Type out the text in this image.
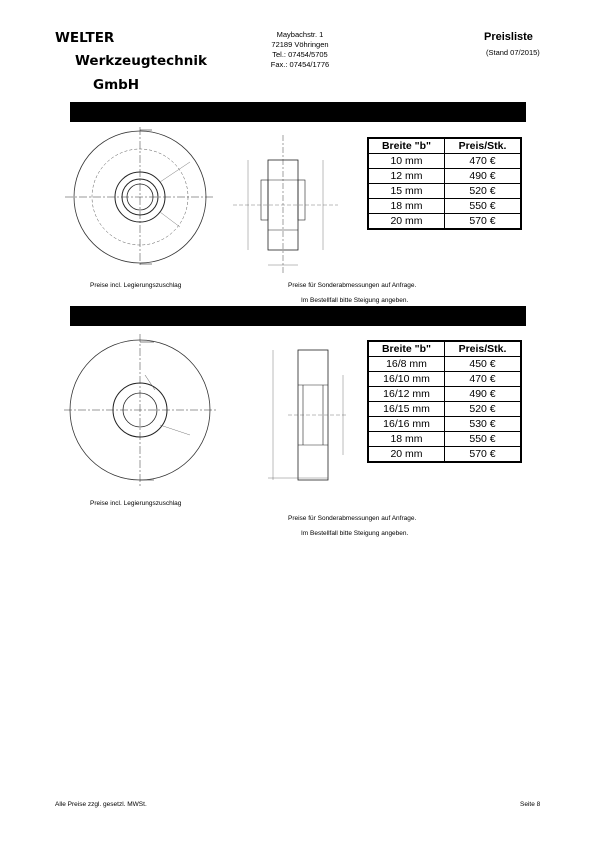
WELTER
Werkzeugtechnik
GmbH
Maybachstr. 1
72189 Vöhringen
Tel.: 07454/5705
Fax.: 07454/1776
Preisliste
(Stand 07/2015)
Breite "b"	Preis/Stk.
10 mm	470 €
12 mm	490 €
15 mm	520 €
18 mm	550 €
20 mm	570 €
Preise incl. Legierungszuschlag	Preise für Sonderabmessungen auf Anfrage.
Im Bestellfall bitte Steigung angeben.
Breite "b"	Preis/Stk.
16/8 mm	450 €
16/10 mm	470 €
16/12 mm	490 €
16/15 mm	520 €
16/16 mm	530 €
18 mm	550 €
20 mm	570 €
Preise incl. Legierungszuschlag
Preise für Sonderabmessungen auf Anfrage.
Im Bestellfall bitte Steigung angeben.
Alle Preise zzgl. gesetzl. MWSt.	Seite 8
